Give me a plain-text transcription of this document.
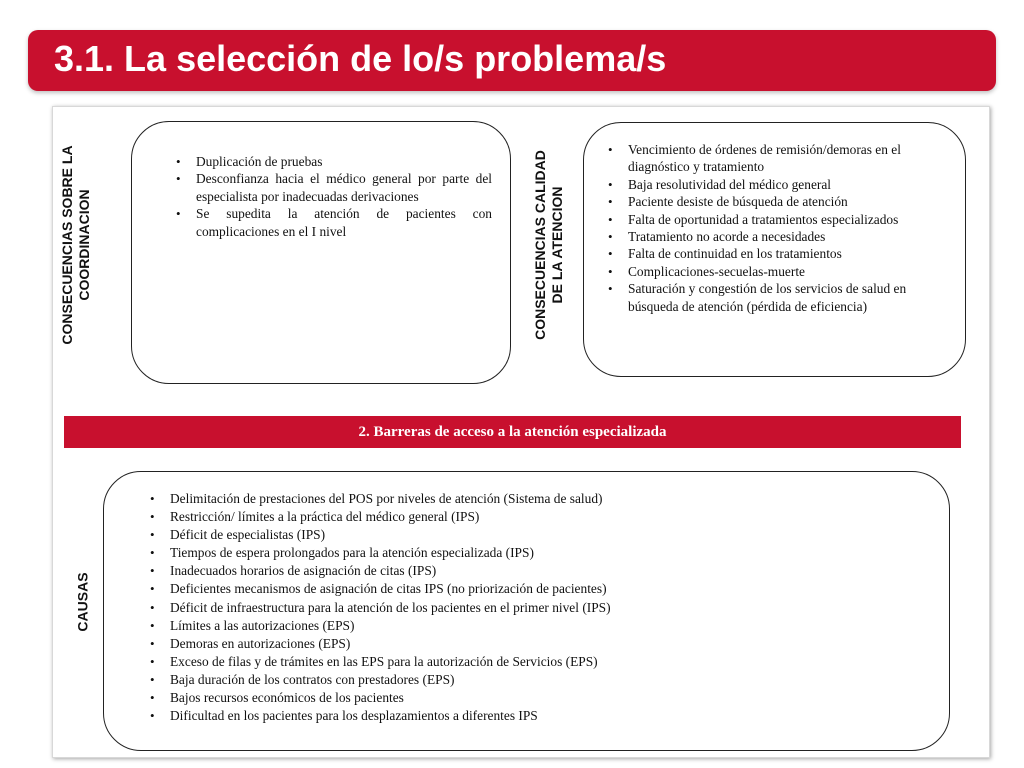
3.1. La selección de lo/s problema/s
CONSECUENCIAS SOBRE LA COORDINACION
• Duplicación de pruebas
• Desconfianza hacia el médico general por parte del especialista por inadecuadas derivaciones
• Se supedita la atención de pacientes con complicaciones en el I nivel	CONSECUENCIAS CALIDAD DE LA ATENCION
• Vencimiento de órdenes de remisión/demoras en el diagnóstico y tratamiento
• Baja resolutividad del médico general
• Paciente desiste de búsqueda de atención
• Falta de oportunidad a tratamientos especializados
• Tratamiento no acorde a necesidades
• Falta de continuidad en los tratamientos
• Complicaciones-secuelas-muerte
• Saturación y congestión de los servicios de salud en búsqueda de atención (pérdida de eficiencia)
2. Barreras de acceso a la atención especializada
CAUSAS
• Delimitación de prestaciones del POS por niveles de atención (Sistema de salud)
• Restricción/ límites a la práctica del médico general (IPS)
• Déficit de especialistas (IPS)
• Tiempos de espera prolongados para la atención especializada (IPS)
• Inadecuados horarios de asignación de citas (IPS)
• Deficientes mecanismos de asignación de citas IPS (no priorización de pacientes)
• Déficit de infraestructura para la atención de los pacientes en el primer nivel (IPS)
• Límites a las autorizaciones (EPS)
• Demoras en autorizaciones (EPS)
• Exceso de filas y de trámites en las EPS para la autorización de Servicios (EPS)
• Baja duración de los contratos con prestadores (EPS)
• Bajos recursos económicos de los pacientes
• Dificultad en los pacientes para los desplazamientos a diferentes IPS
